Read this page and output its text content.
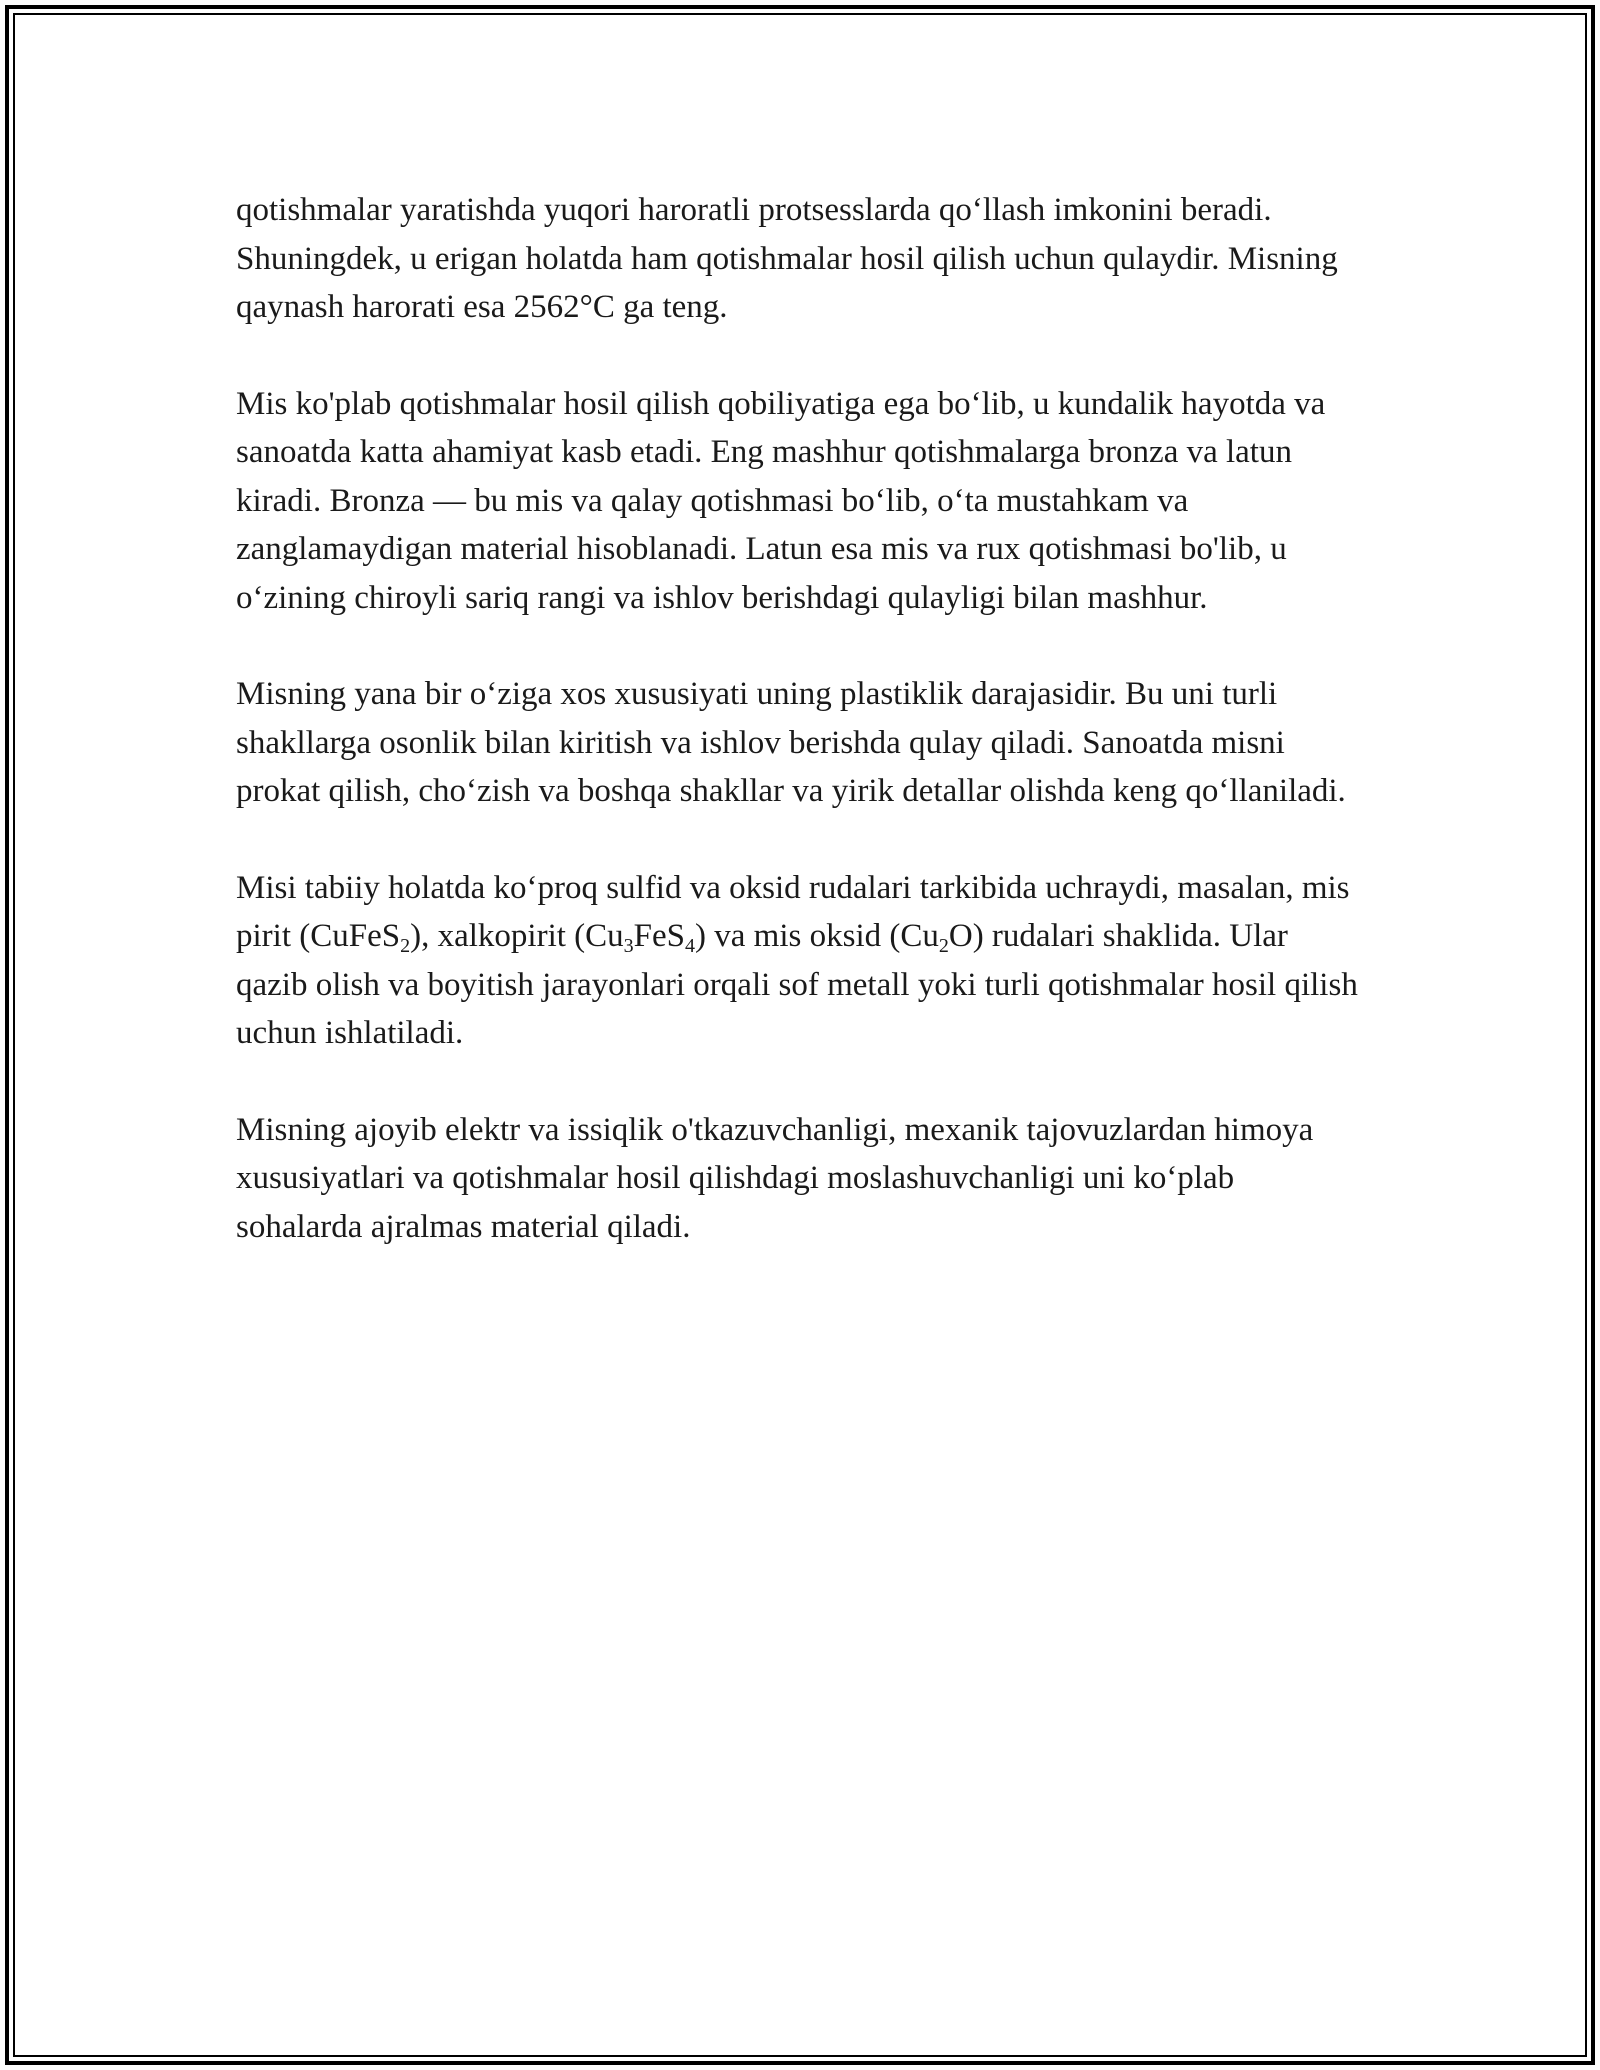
qotishmalar yaratishda yuqori haroratli protsesslarda qo‘llash imkonini beradi. Shuningdek, u erigan holatda ham qotishmalar hosil qilish uchun qulaydir. Misning qaynash harorati esa 2562°C ga teng.

Mis ko'plab qotishmalar hosil qilish qobiliyatiga ega bo‘lib, u kundalik hayotda va sanoatda katta ahamiyat kasb etadi. Eng mashhur qotishmalarga bronza va latun kiradi. Bronza — bu mis va qalay qotishmasi bo‘lib, o‘ta mustahkam va zanglamaydigan material hisoblanadi. Latun esa mis va rux qotishmasi bo'lib, u o‘zining chiroyli sariq rangi va ishlov berishdagi qulayligi bilan mashhur.

Misning yana bir o‘ziga xos xususiyati uning plastiklik darajasidir. Bu uni turli shakllarga osonlik bilan kiritish va ishlov berishda qulay qiladi. Sanoatda misni prokat qilish, cho‘zish va boshqa shakllar va yirik detallar olishda keng qo‘llaniladi.

Misi tabiiy holatda ko‘proq sulfid va oksid rudalari tarkibida uchraydi, masalan, mis pirit (CuFeS$_2$), xalkopirit $(Cu_3FeS_4)$ va mis oksid $(Cu_2O)$ rudalari shaklida. Ular qazib olish va boyitish jarayonlari orqali sof metall yoki turli qotishmalar hosil qilish uchun ishlatiladi.

Misning ajoyib elektr va issiqlik o'tkazuvchanligi, mexanik tajovuzlardan himoya xususiyatlari va qotishmalar hosil qilishdagi moslashuvchanligi uni ko‘plab sohalarda ajralmas material qiladi.
